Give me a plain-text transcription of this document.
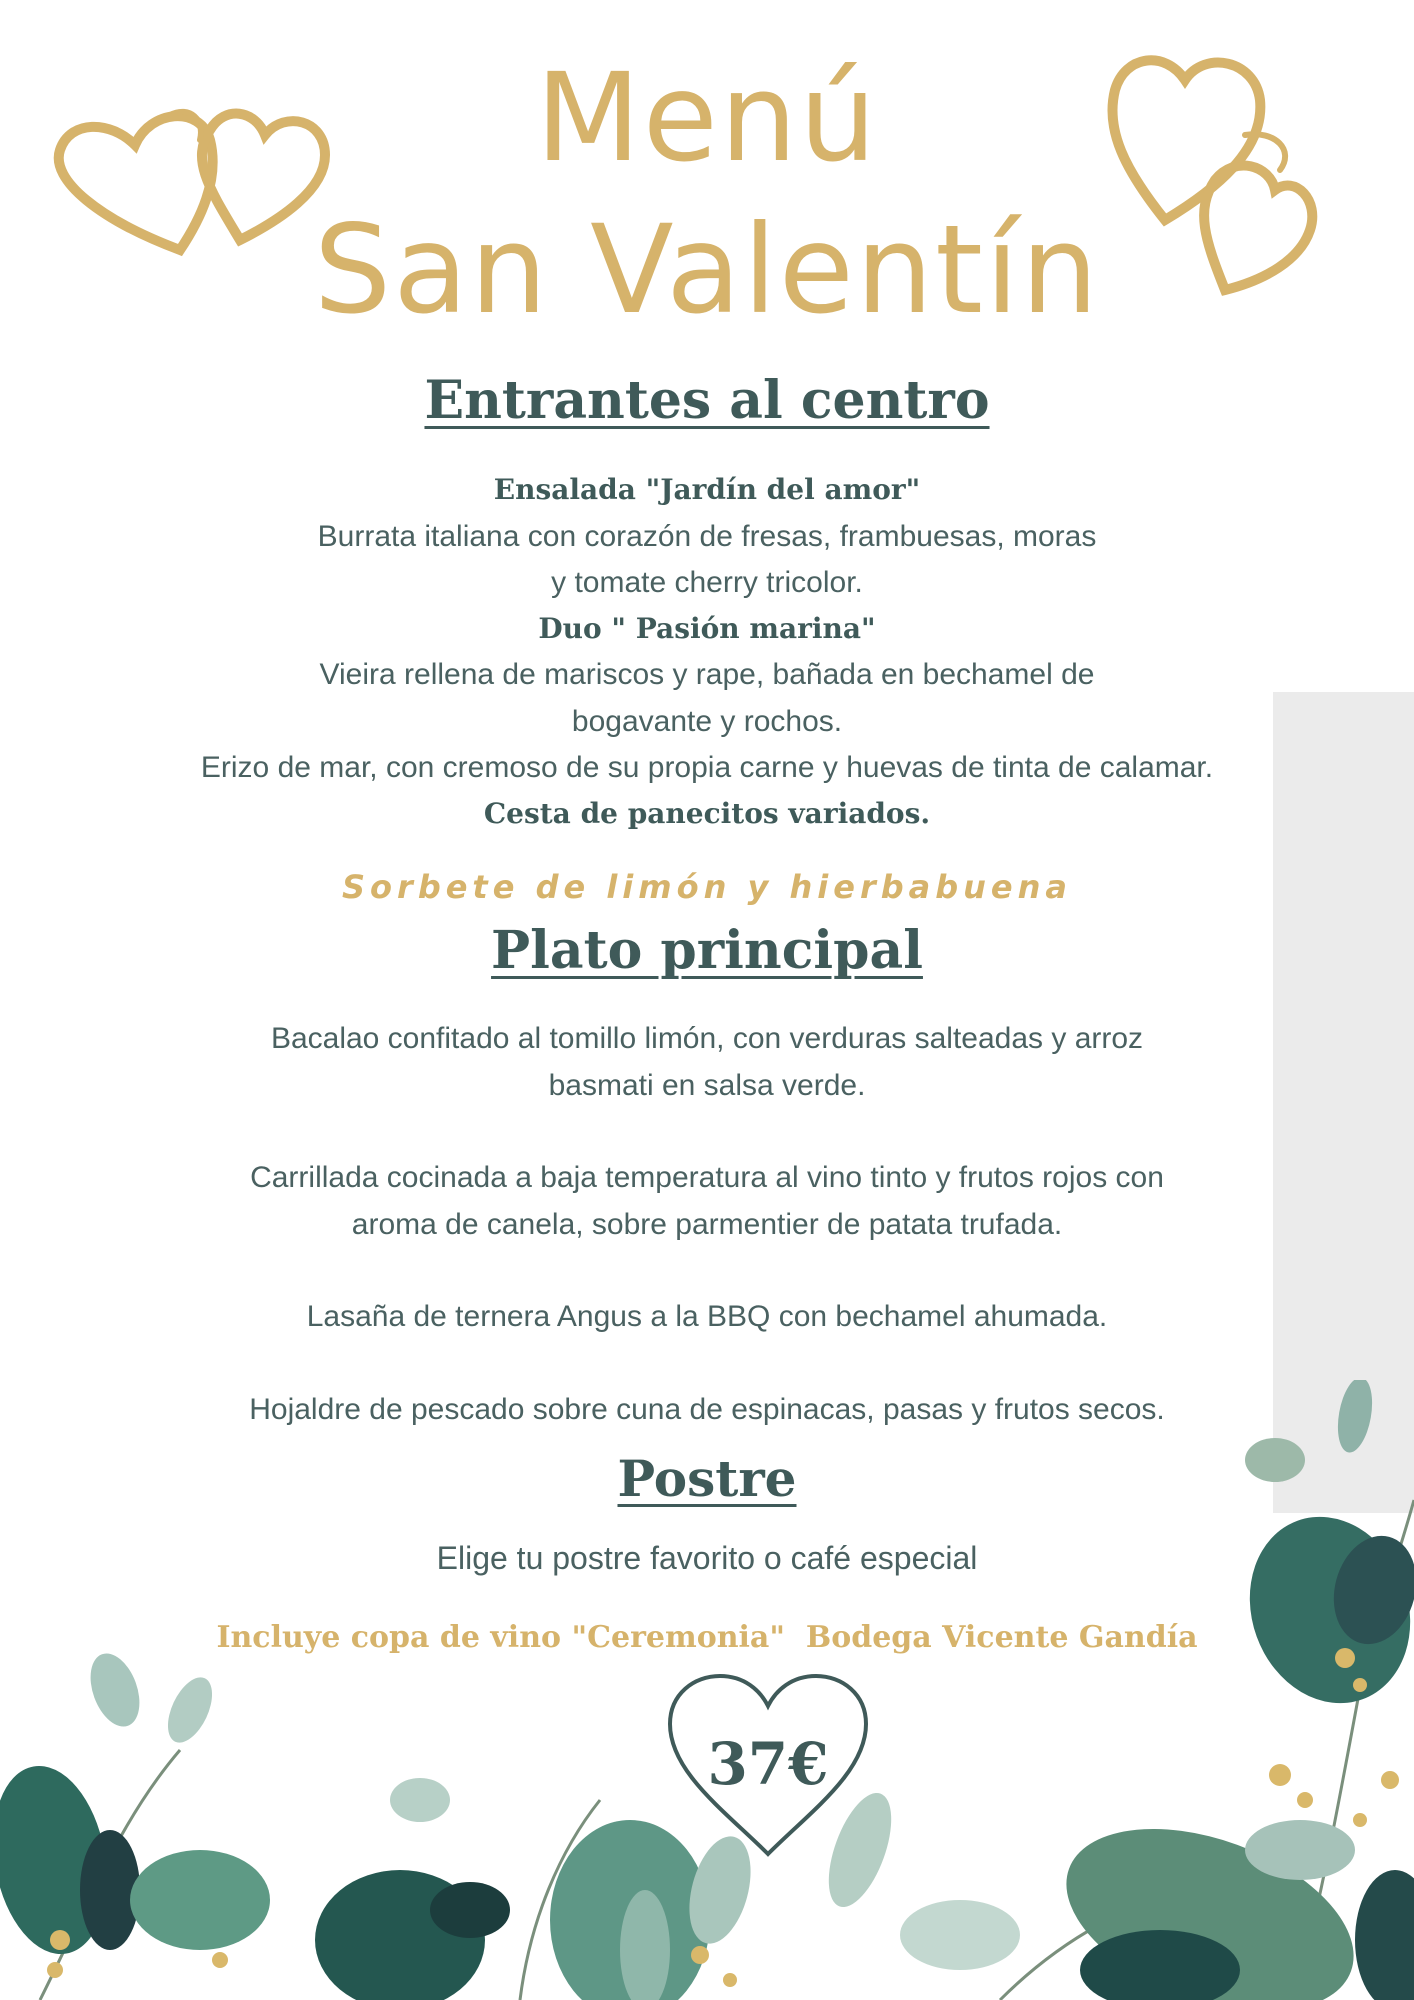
Menú
San Valentín
Entrantes al centro
Ensalada "Jardín del amor"
Burrata italiana con corazón de fresas, frambuesas, moras
y tomate cherry tricolor.
Duo " Pasión marina"
Vieira rellena de mariscos y rape, bañada en bechamel de
bogavante y rochos.
Erizo de mar, con cremoso de su propia carne y huevas de tinta de calamar.
Cesta de panecitos variados.
Sorbete de limón y hierbabuena
Plato principal
Bacalao confitado al tomillo limón, con verduras salteadas y arroz
basmati en salsa verde.
Carrillada cocinada a baja temperatura al vino tinto y frutos rojos con
aroma de canela, sobre parmentier de patata trufada.
Lasaña de ternera Angus a la BBQ con bechamel ahumada.
Hojaldre de pescado sobre cuna de espinacas, pasas y frutos secos.
Postre
Elige tu postre favorito o café especial
Incluye copa de vino "Ceremonia"  Bodega Vicente Gandía
37€
